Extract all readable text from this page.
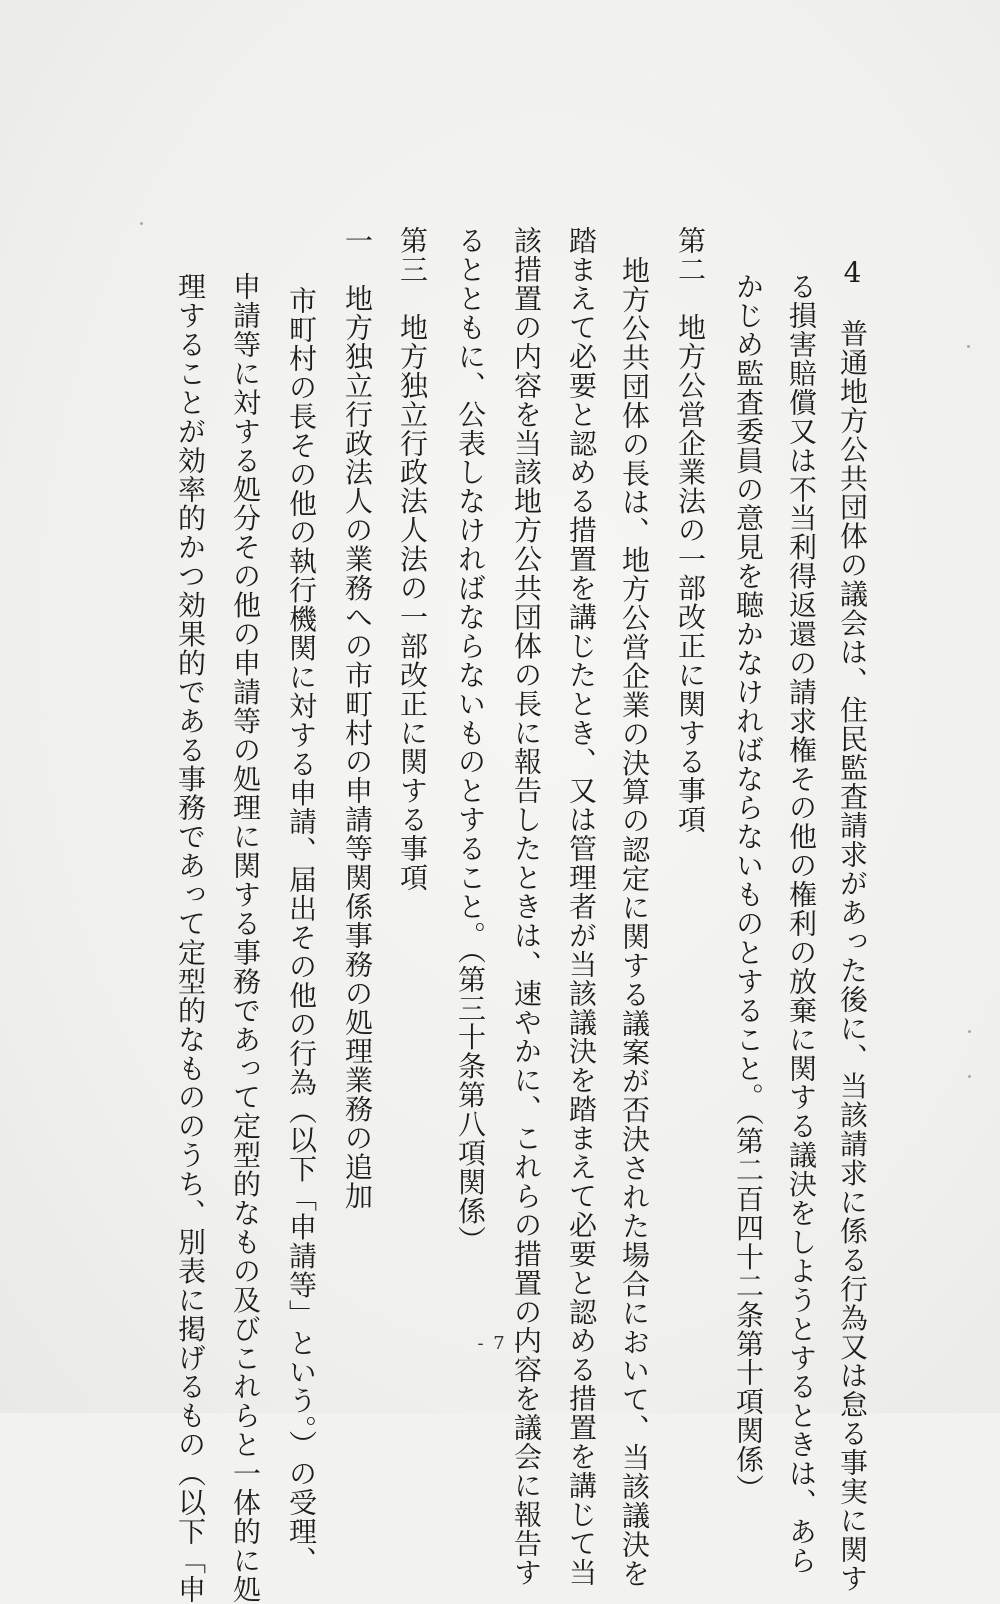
4　普通地方公共団体の議会は、住民監査請求があった後に、当該請求に係る行為又は怠る事実に関す
る損害賠償又は不当利得返還の請求権その他の権利の放棄に関する議決をしようとするときは、あら
かじめ監査委員の意見を聴かなければならないものとすること。（第二百四十二条第十項関係）
第二　地方公営企業法の一部改正に関する事項
地方公共団体の長は、地方公営企業の決算の認定に関する議案が否決された場合において、当該議決を
踏まえて必要と認める措置を講じたとき、又は管理者が当該議決を踏まえて必要と認める措置を講じて当
該措置の内容を当該地方公共団体の長に報告したときは、速やかに、これらの措置の内容を議会に報告す
るとともに、公表しなければならないものとすること。（第三十条第八項関係）
第三　地方独立行政法人法の一部改正に関する事項
一　地方独立行政法人の業務への市町村の申請等関係事務の処理業務の追加
市町村の長その他の執行機関に対する申請、届出その他の行為（以下「申請等」という。）の受理、
申請等に対する処分その他の申請等の処理に関する事務であって定型的なもの及びこれらと一体的に処
理することが効率的かつ効果的である事務であって定型的なもののうち、別表に掲げるもの（以下「申	- 7 -
